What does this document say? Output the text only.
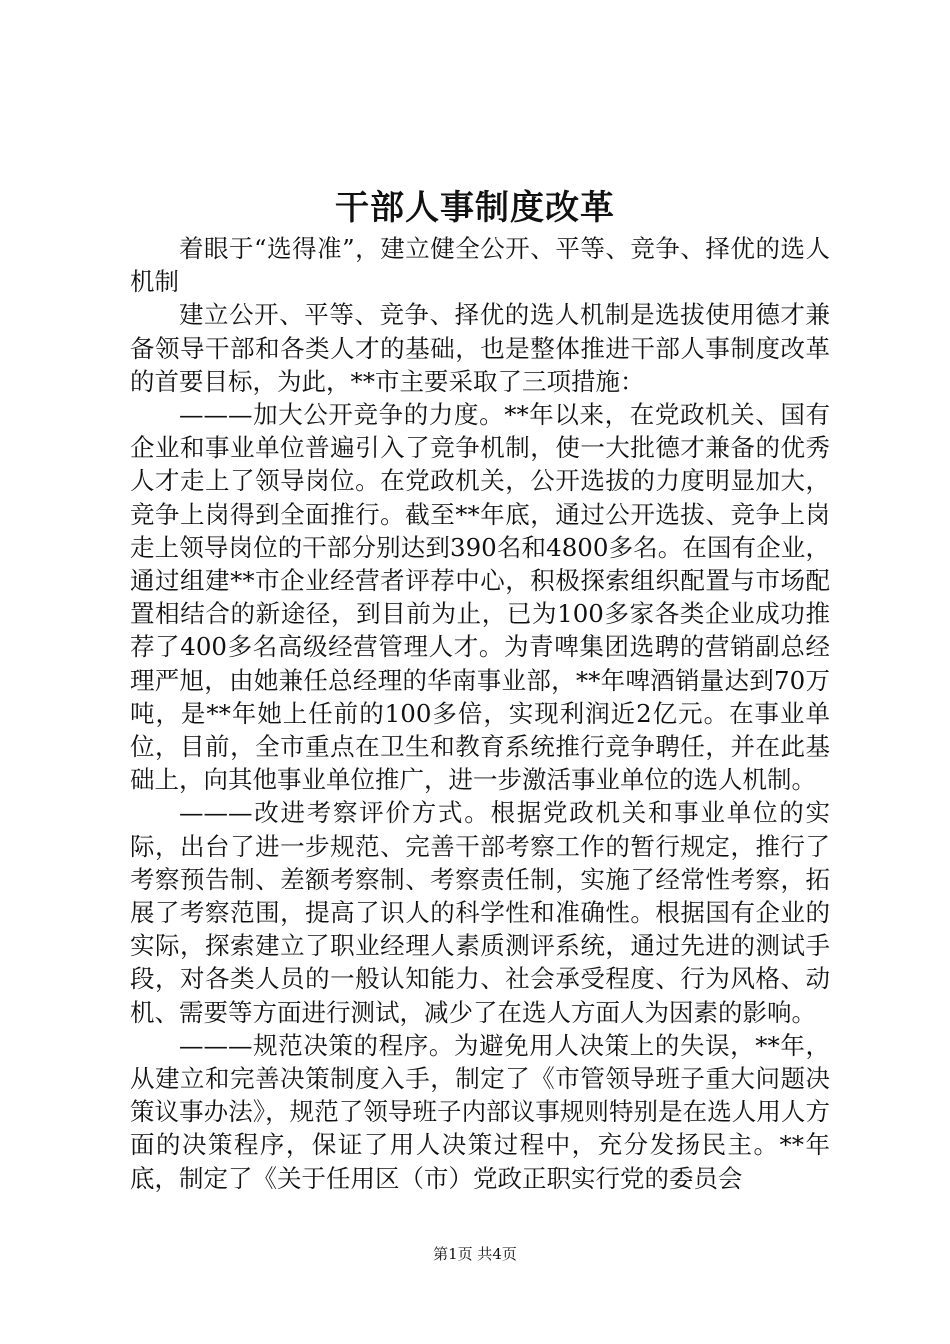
干部人事制度改革

着眼于“选得准”，建立健全公开、平等、竞争、择优的选人机制

建立公开、平等、竞争、择优的选人机制是选拔使用德才兼备领导干部和各类人才的基础，也是整体推进干部人事制度改革的首要目标，为此，**市主要采取了三项措施：

———加大公开竞争的力度。**年以来，在党政机关、国有企业和事业单位普遍引入了竞争机制，使一大批德才兼备的优秀人才走上了领导岗位。在党政机关，公开选拔的力度明显加大，竞争上岗得到全面推行。截至**年底，通过公开选拔、竞争上岗走上领导岗位的干部分别达到390名和4800多名。在国有企业，通过组建**市企业经营者评荐中心，积极探索组织配置与市场配置相结合的新途径，到目前为止，已为100多家各类企业成功推荐了400多名高级经营管理人才。为青啤集团选聘的营销副总经理严旭，由她兼任总经理的华南事业部，**年啤酒销量达到70万吨，是**年她上任前的100多倍，实现利润近2亿元。在事业单位，目前，全市重点在卫生和教育系统推行竞争聘任，并在此基础上，向其他事业单位推广，进一步激活事业单位的选人机制。

———改进考察评价方式。根据党政机关和事业单位的实际，出台了进一步规范、完善干部考察工作的暂行规定，推行了考察预告制、差额考察制、考察责任制，实施了经常性考察，拓展了考察范围，提高了识人的科学性和准确性。根据国有企业的实际，探索建立了职业经理人素质测评系统，通过先进的测试手段，对各类人员的一般认知能力、社会承受程度、行为风格、动机、需要等方面进行测试，减少了在选人方面人为因素的影响。

———规范决策的程序。为避免用人决策上的失误，**年，从建立和完善决策制度入手，制定了《市管领导班子重大问题决策议事办法》，规范了领导班子内部议事规则特别是在选人用人方面的决策程序，保证了用人决策过程中，充分发扬民主。**年底，制定了《关于任用区（市）党政正职实行党的委员会

第1页 共4页
